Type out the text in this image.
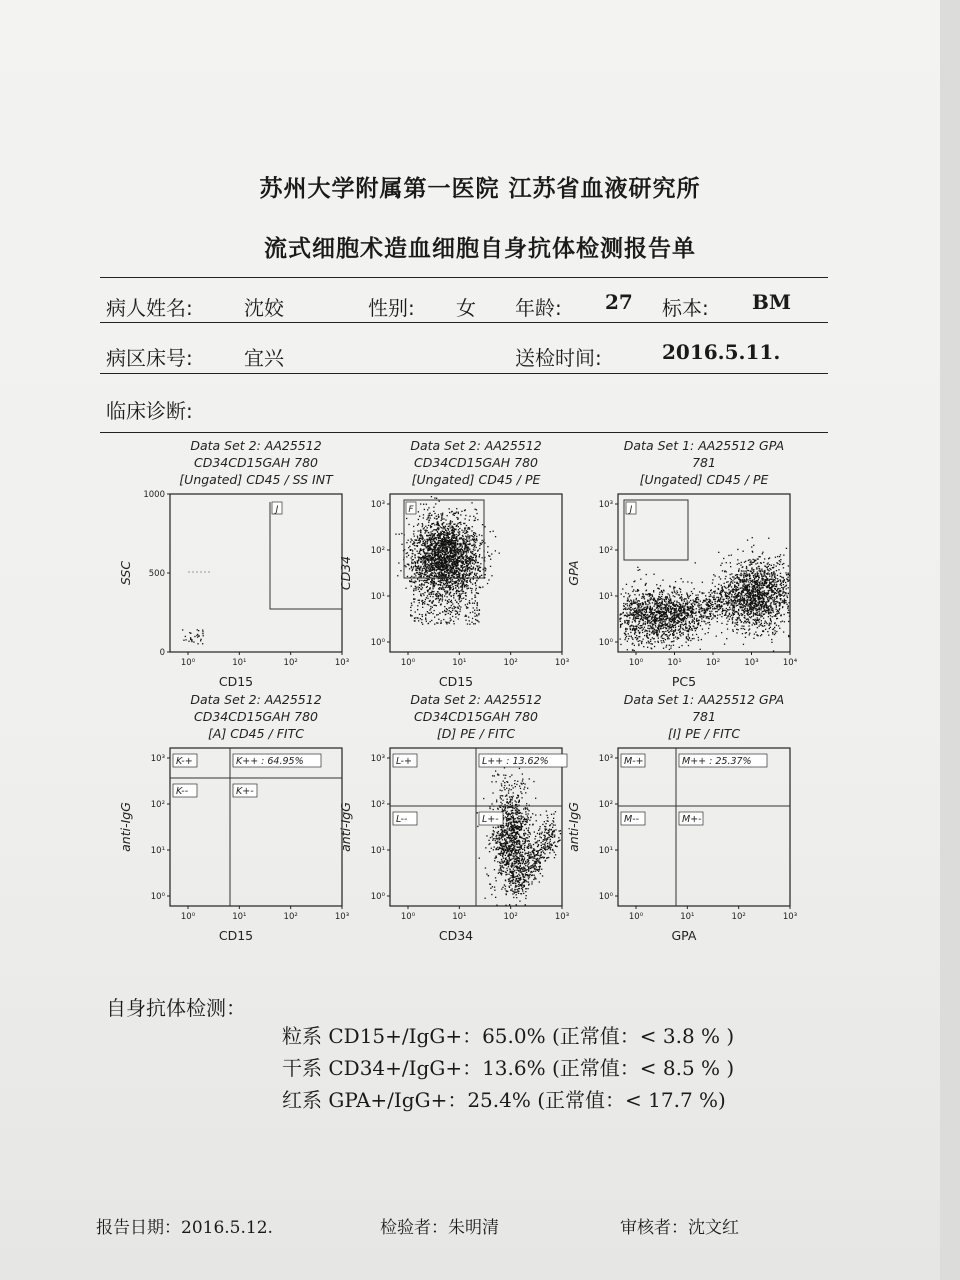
苏州大学附属第一医院 江苏省血液研究所
流式细胞术造血细胞自身抗体检测报告单
病人姓名:	沈姣	性别: 女 年龄: 27 标本: BM
病区床号:	宜兴	送检时间:	2016.5.11.
临床诊断:
Data Set 2: AA25512
CD34CD15GAH 780
[Ungated] CD45 / SS INT
1000
500
0
10⁰	10¹	10²	10³
CD15
SSC
J
Data Set 2: AA25512
CD34CD15GAH 780
[Ungated] CD45 / PE
10³
10²
10¹
10⁰
10⁰	10¹	10²	10³
CD15
CD34
F
Data Set 1: AA25512 GPA
781
[Ungated] CD45 / PE
10³
10²
10¹
10⁰
10⁰	10¹	10²	10³	10⁴
PC5
GPA
J
Data Set 2: AA25512
CD34CD15GAH 780
[A] CD45 / FITC
10³
10²
10¹
10⁰
10⁰	10¹	10²	10³
CD15
anti-IgG
K-+	K++ : 64.95%
K--	K+-
Data Set 2: AA25512
CD34CD15GAH 780
[D] PE / FITC
10³
10²
10¹
10⁰
10⁰	10¹	10²	10³
CD34
anti-IgG
L-+	L++ : 13.62%
L--	L+-
Data Set 1: AA25512 GPA
781
[I] PE / FITC
10³
10²
10¹
10⁰
10⁰	10¹	10²	10³
GPA
anti-IgG
M-+	M++ : 25.37%
M--	M+-
自身抗体检测：
粒系 CD15+/IgG+：65.0% (正常值：< 3.8 % )
干系 CD34+/IgG+：13.6% (正常值：< 8.5 % )
红系 GPA+/IgG+：25.4% (正常值：< 17.7 %)
报告日期：2016.5.12.	检验者：朱明清	审核者：沈文红
